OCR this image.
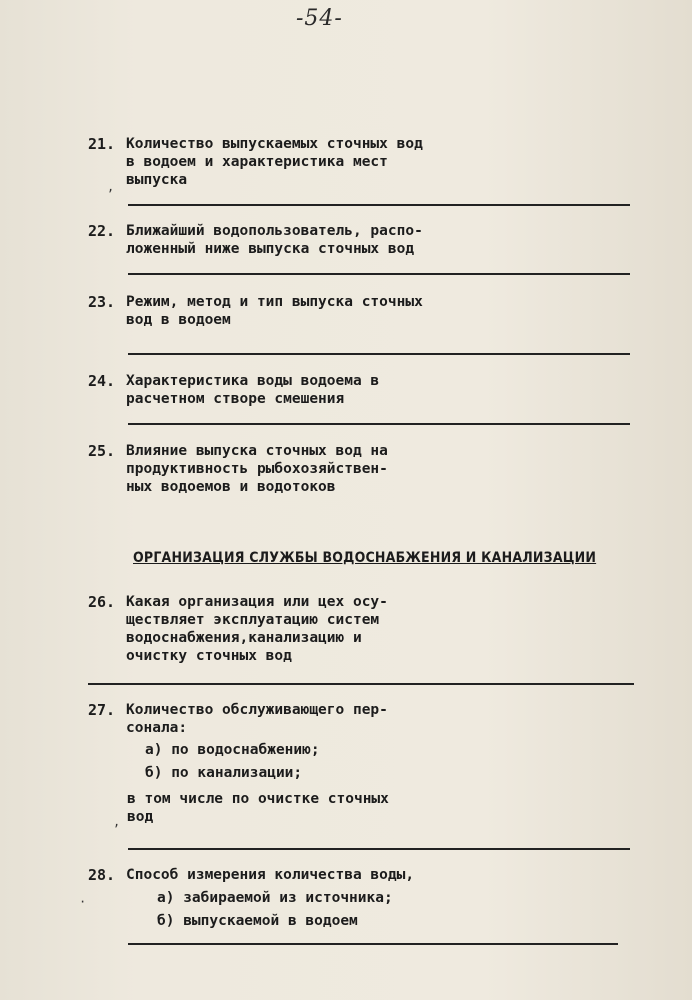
-54-
21. Количество выпускаемых сточных вод
в водоем и характеристика мест
выпуска
22. Ближайший водопользователь, распо-
ложенный ниже выпуска сточных вод
23. Режим, метод и тип выпуска сточных
вод в водоем
24. Характеристика воды водоема в
расчетном створе смешения
25. Влияние выпуска сточных вод на
продуктивность рыбохозяйствен-
ных водоемов и водотоков
ОРГАНИЗАЦИЯ СЛУЖБЫ ВОДОСНАБЖЕНИЯ И КАНАЛИЗАЦИИ
26. Какая организация или цех осу-
ществляет эксплуатацию систем
водоснабжения,канализацию и
очистку сточных вод
27. Количество обслуживающего пер-
сонала:
а) по водоснабжению;
б) по канализации;
в том числе по очистке сточных
вод
28. Способ измерения количества воды,
а) забираемой из источника;
б) выпускаемой в водоем
,
,
·
